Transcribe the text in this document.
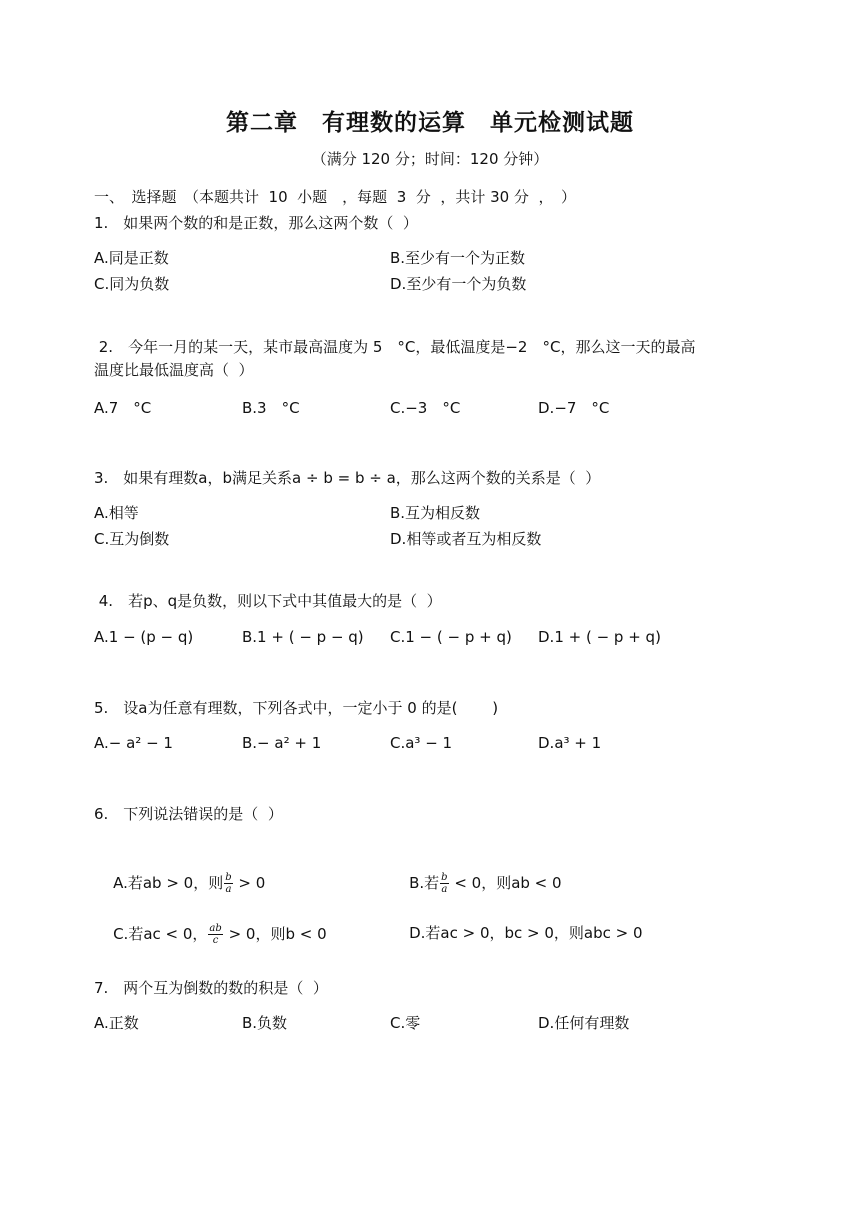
第二章　有理数的运算　单元检测试题
（满分 120 分；时间：120 分钟）
一、　选择题　（本题共计  10  小题　，每题  3  分  ，共计 30 分  ，　）
1.　如果两个数的和是正数，那么这两个数（  ）
A.同是正数	B.至少有一个为正数
C.同为负数	D.至少有一个为负数
2.　今年一月的某一天，某市最高温度为 5　°C，最低温度是−2　°C，那么这一天的最高
温度比最低温度高（  ）
A.7　°C	B.3　°C	C.−3　°C	D.−7　°C
3.　如果有理数a，b满足关系a ÷ b = b ÷ a，那么这两个数的关系是（  ）
A.相等	B.互为相反数
C.互为倒数	D.相等或者互为相反数
4.　若p、q是负数，则以下式中其值最大的是（  ）
A.1 − (p − q)	B.1 + ( − p − q) C.1 − ( − p + q) D.1 + ( − p + q)
5.　设a为任意有理数，下列各式中，一定小于 0 的是(　　 )
A.− a² − 1	B.− a² + 1	C.a³ − 1	D.a³ + 1
6.　下列说法错误的是（  ）

A.若ab > 0，则 $\frac{b}{a} > 0$
	B.若 $\frac{b}{a} < 0$，则ab < 0

C.若ac < 0， $\frac{ab}{c} > 0$，则b < 0
	D.若ac > 0，bc > 0，则abc > 0

7.　两个互为倒数的数的积是（  ）
A.正数	B.负数	C.零	D.任何有理数
